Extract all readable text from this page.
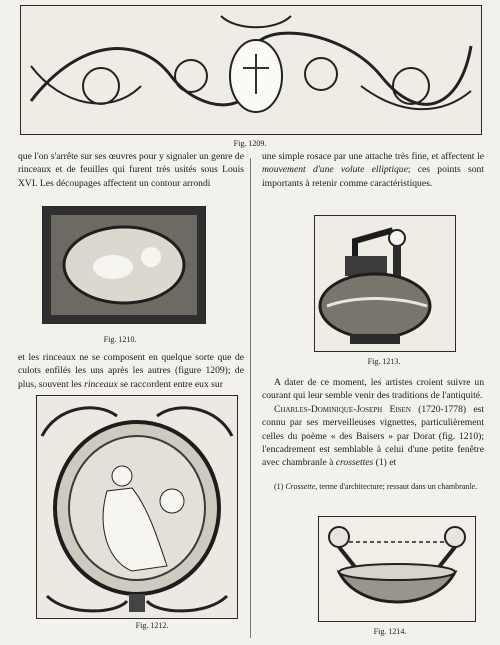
Fig. 1209.

que l'on s'arrête sur ses œuvres pour y signaler un genre de rinceaux et de feuilles qui furent très usités sous Louis XVI. Les découpages affectent un contour arrondi

Fig. 1210.

et les rinceaux ne se composent en quelque sorte que de culots enfilés les uns après les autres (figure 1209); de plus, souvent les rinceaux se raccordent entre eux sur

Fig. 1212.

une simple rosace par une attache très fine, et affectent le mouvement d'une volute elliptique; ces points sont importants à retenir comme caractéristiques.

Fig. 1213.

A dater de ce moment, les artistes croient suivre un courant qui leur semble venir des traditions de l'antiquité.

Charles-Dominique-Joseph Eisen (1720-1778) est connu par ses merveilleuses vignettes, particulièrement celles du poème « des Baisers » par Dorat (fig. 1210); l'encadrement est semblable à celui d'une petite fenêtre avec chambranle à crossettes (1) et

(1) Crossette, terme d'architecture; ressaut dans un chambranle.

Fig. 1214.
